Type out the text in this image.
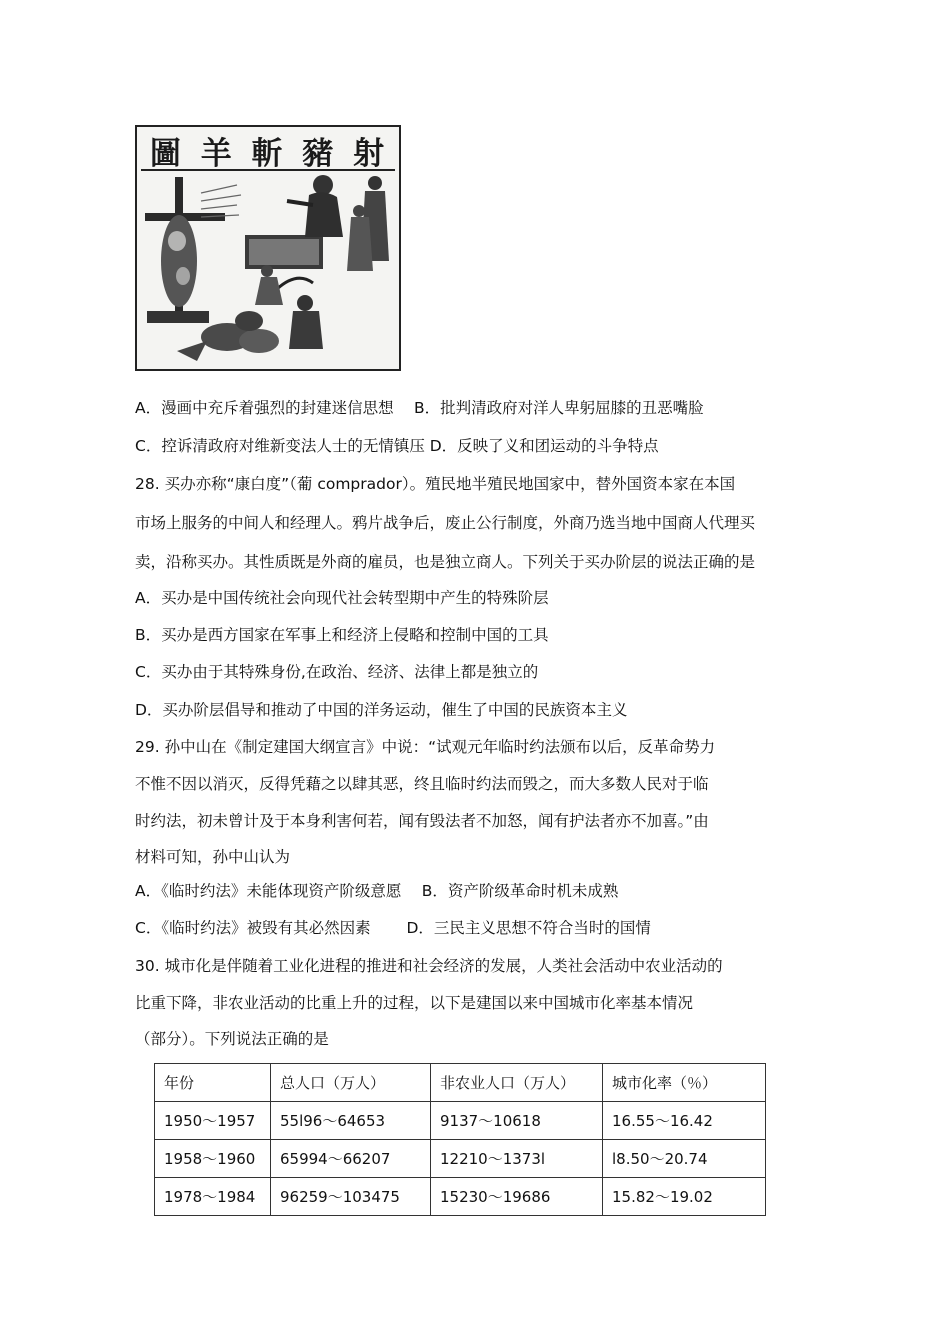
圖 羊 斬 豬 射
A．漫画中充斥着强烈的封建迷信思想　 B．批判清政府对洋人卑躬屈膝的丑恶嘴脸
C．控诉清政府对维新变法人士的无情镇压 D．反映了义和团运动的斗争特点
28. 买办亦称“康白度”（葡 comprador）。殖民地半殖民地国家中，替外国资本家在本国
市场上服务的中间人和经理人。鸦片战争后，废止公行制度，外商乃选当地中国商人代理买
卖，沿称买办。其性质既是外商的雇员，也是独立商人。下列关于买办阶层的说法正确的是
A．买办是中国传统社会向现代社会转型期中产生的特殊阶层
B．买办是西方国家在军事上和经济上侵略和控制中国的工具
C．买办由于其特殊身份,在政治、经济、法律上都是独立的
D．买办阶层倡导和推动了中国的洋务运动，催生了中国的民族资本主义
29. 孙中山在《制定建国大纲宣言》中说：“试观元年临时约法颁布以后，反革命势力
不惟不因以消灭，反得凭藉之以肆其恶，终且临时约法而毁之，而大多数人民对于临
时约法，初未曾计及于本身利害何若，闻有毁法者不加怒，闻有护法者亦不加喜。”由
材料可知，孙中山认为
A．《临时约法》未能体现资产阶级意愿　 B．资产阶级革命时机未成熟
C．《临时约法》被毁有其必然因素　　 D．三民主义思想不符合当时的国情
30. 城市化是伴随着工业化进程的推进和社会经济的发展，人类社会活动中农业活动的
比重下降，非农业活动的比重上升的过程，以下是建国以来中国城市化率基本情况
（部分）。下列说法正确的是
年份	总人口（万人）	非农业人口（万人）	城市化率（％）
1950～1957	55l96～64653	9137～10618	16.55～16.42
1958～1960	65994～66207	12210～1373l	l8.50～20.74
1978～1984	96259～103475	15230～19686	15.82～19.02
